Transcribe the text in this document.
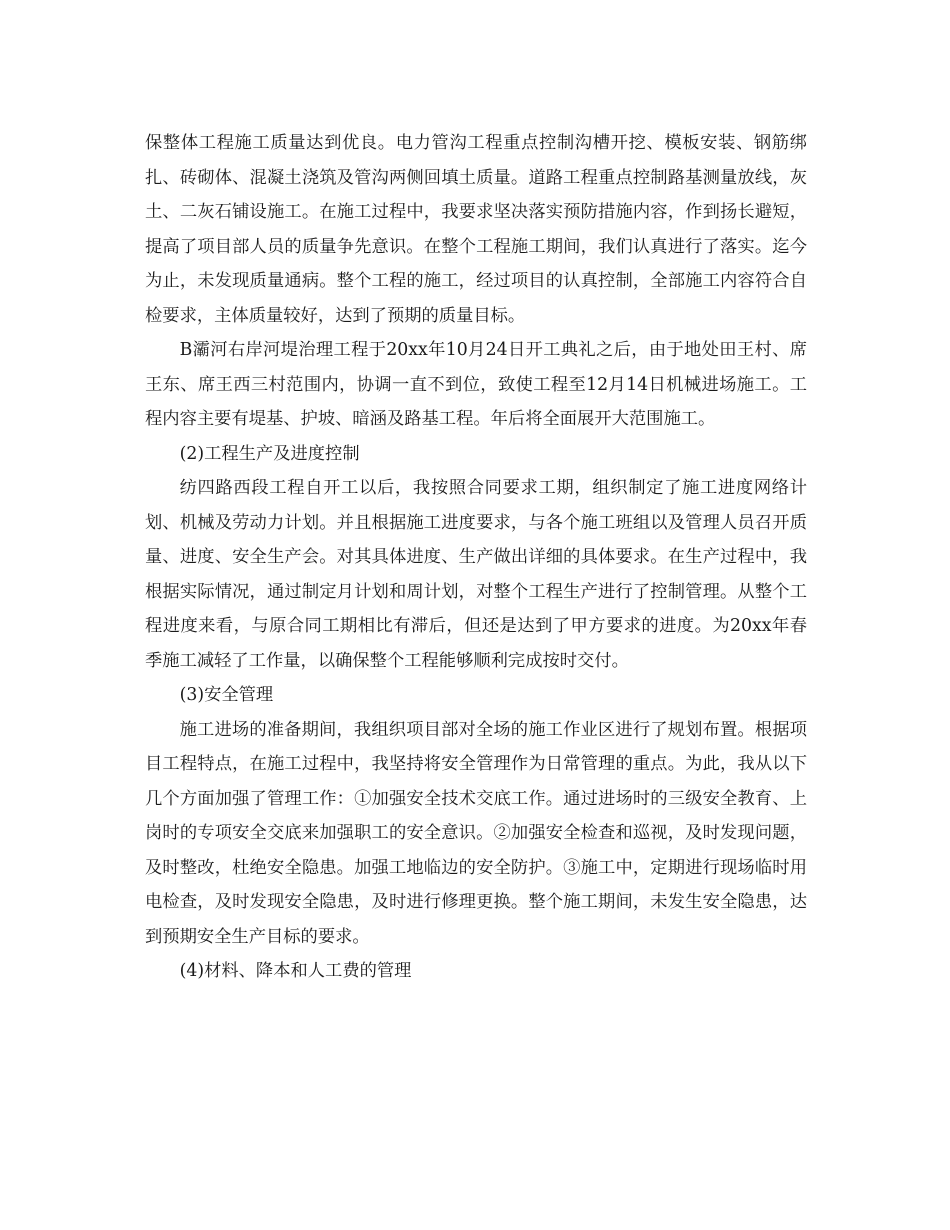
保整体工程施工质量达到优良。电力管沟工程重点控制沟槽开挖、模板安装、钢筋绑扎、砖砌体、混凝土浇筑及管沟两侧回填土质量。道路工程重点控制路基测量放线，灰土、二灰石铺设施工。在施工过程中，我要求坚决落实预防措施内容，作到扬长避短，提高了项目部人员的质量争先意识。在整个工程施工期间，我们认真进行了落实。迄今为止，未发现质量通病。整个工程的施工，经过项目的认真控制，全部施工内容符合自检要求，主体质量较好，达到了预期的质量目标。

B灞河右岸河堤治理工程于20xx年10月24日开工典礼之后，由于地处田王村、席王东、席王西三村范围内，协调一直不到位，致使工程至12月14日机械进场施工。工程内容主要有堤基、护坡、暗涵及路基工程。年后将全面展开大范围施工。

(2)工程生产及进度控制

纺四路西段工程自开工以后，我按照合同要求工期，组织制定了施工进度网络计划、机械及劳动力计划。并且根据施工进度要求，与各个施工班组以及管理人员召开质量、进度、安全生产会。对其具体进度、生产做出详细的具体要求。在生产过程中，我根据实际情况，通过制定月计划和周计划，对整个工程生产进行了控制管理。从整个工程进度来看，与原合同工期相比有滞后，但还是达到了甲方要求的进度。为20xx年春季施工减轻了工作量，以确保整个工程能够顺利完成按时交付。

(3)安全管理

施工进场的准备期间，我组织项目部对全场的施工作业区进行了规划布置。根据项目工程特点，在施工过程中，我坚持将安全管理作为日常管理的重点。为此，我从以下几个方面加强了管理工作：①加强安全技术交底工作。通过进场时的三级安全教育、上岗时的专项安全交底来加强职工的安全意识。②加强安全检查和巡视，及时发现问题，及时整改，杜绝安全隐患。加强工地临边的安全防护。③施工中，定期进行现场临时用电检查，及时发现安全隐患，及时进行修理更换。整个施工期间，未发生安全隐患，达到预期安全生产目标的要求。

(4)材料、降本和人工费的管理
